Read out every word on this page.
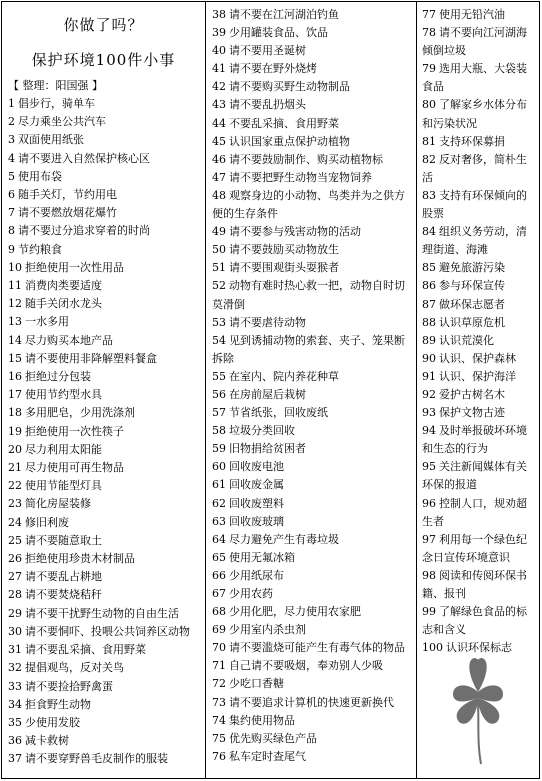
你做了吗？
保护环境100件小事
【 整理：阳国强 】
1 倡步行，骑单车
2 尽力乘坐公共汽车
3 双面使用纸张
4 请不要进入自然保护核心区
5 使用布袋
6 随手关灯，节约用电
7 请不要燃放烟花爆竹
8 请不要过分追求穿着的时尚
9 节约粮食
10 拒绝使用一次性用品
11 消费肉类要适度
12 随手关闭水龙头
13 一水多用
14 尽力购买本地产品
15 请不要使用非降解塑料餐盒
16 拒绝过分包装
17 使用节约型水具
18 多用肥皂，少用洗涤剂
19 拒绝使用一次性筷子
20 尽力利用太阳能
21 尽力使用可再生物品
22 使用节能型灯具
23 简化房屋装修
24 修旧利废
25 请不要随意取土
26 拒绝使用珍贵木材制品
27 请不要乱占耕地
28 请不要焚烧秸秆
29 请不要干扰野生动物的自由生活
30 请不要恫吓、投喂公共饲养区动物
31 请不要乱采摘、食用野菜
32 提倡观鸟，反对关鸟
33 请不要捡拾野禽蛋
34 拒食野生动物
35 少使用发胶
36 减卡救树
37 请不要穿野兽毛皮制作的服装
38 请不要在江河湖泊钓鱼
39 少用罐装食品、饮品
40 请不要用圣诞树
41 请不要在野外烧烤
42 请不要购买野生动物制品
43 请不要乱扔烟头
44 不要乱采摘、食用野菜
45 认识国家重点保护动植物
46 请不要鼓励制作、购买动植物标
47 请不要把野生动物当宠物饲养
48 观察身边的小动物、鸟类并为之供方便的生存条件
49 请不要参与残害动物的活动
50 请不要鼓励买动物放生
51 请不要围观街头耍猴者
52 动物有难时热心救一把，动物自时切莫滑倒
53 请不要虐待动物
54 见到诱捕动物的索套、夹子、笼果断拆除
55 在室内、院内养花种草
56 在房前屋后栽树
57 节省纸张，回收废纸
58 垃圾分类回收
59 旧物捐给贫困者
60 回收废电池
61 回收废金属
62 回收废塑料
63 回收废玻璃
64 尽力避免产生有毒垃圾
65 使用无氟冰箱
66 少用纸尿布
67 少用农药
68 少用化肥，尽力使用农家肥
69 少用室内杀虫剂
70 请不要滥烧可能产生有毒气体的物品
71 自己请不要吸烟，奉劝别人少吸
72 少吃口香糖
73 请不要追求计算机的快速更新换代
74 集约使用物品
75 优先购买绿色产品
76 私车定时查尾气
77 使用无铅汽油
78 请不要向江河湖海倾倒垃圾
79 选用大瓶、大袋装食品
80 了解家乡水体分布和污染状况
81 支持环保募捐
82 反对奢侈，简朴生活
83 支持有环保倾向的股票
84 组织义务劳动，清理街道、海滩
85 避免旅游污染
86 参与环保宣传
87 做环保志愿者
88 认识草原危机
89 认识荒漠化
90 认识、保护森林
91 认识、保护海洋
92 爱护古树名木
93 保护文物古迹
94 及时举报破坏环境和生态的行为
95 关注新闻媒体有关环保的报道
96 控制人口，规劝超生者
97 利用每一个绿色纪念日宣传环境意识
98 阅读和传阅环保书籍、报刊
99 了解绿色食品的标志和含义
100 认识环保标志
